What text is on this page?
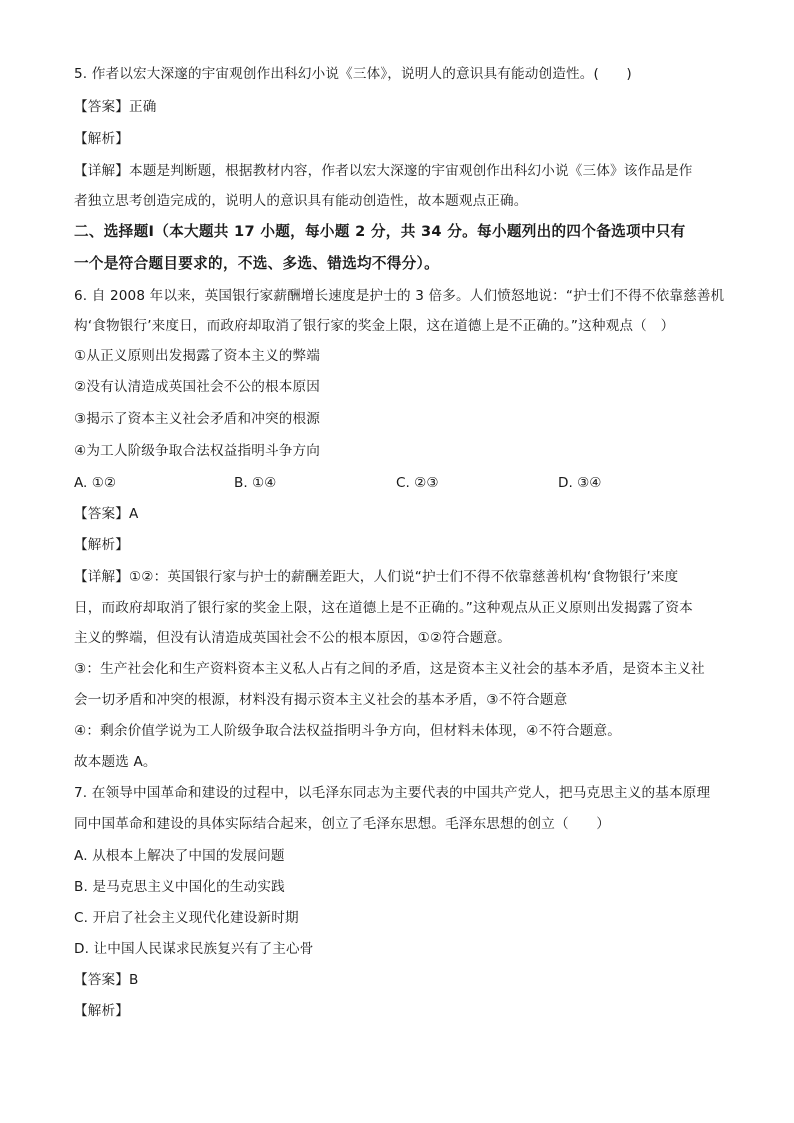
5. 作者以宏大深邃的宇宙观创作出科幻小说《三体》，说明人的意识具有能动创造性。(　　)
【答案】正确
【解析】
【详解】本题是判断题，根据教材内容，作者以宏大深邃的宇宙观创作出科幻小说《三体》该作品是作
者独立思考创造完成的，说明人的意识具有能动创造性，故本题观点正确。
二、选择题Ⅰ（本大题共 17 小题，每小题 2 分，共 34 分。每小题列出的四个备选项中只有
一个是符合题目要求的，不选、多选、错选均不得分）。
6. 自 2008 年以来，英国银行家薪酬增长速度是护士的 3 倍多。人们愤怒地说：“护士们不得不依靠慈善机
构‘食物银行’来度日，而政府却取消了银行家的奖金上限，这在道德上是不正确的。”这种观点（　）
①从正义原则出发揭露了资本主义的弊端
②没有认清造成英国社会不公的根本原因
③揭示了资本主义社会矛盾和冲突的根源
④为工人阶级争取合法权益指明斗争方向
A. ①②	B. ①④	C. ②③	D. ③④
【答案】A
【解析】
【详解】①②：英国银行家与护士的薪酬差距大，人们说“护士们不得不依靠慈善机构‘食物银行’来度
日，而政府却取消了银行家的奖金上限，这在道德上是不正确的。”这种观点从正义原则出发揭露了资本
主义的弊端，但没有认清造成英国社会不公的根本原因，①②符合题意。
③：生产社会化和生产资料资本主义私人占有之间的矛盾，这是资本主义社会的基本矛盾，是资本主义社
会一切矛盾和冲突的根源，材料没有揭示资本主义社会的基本矛盾，③不符合题意
④：剩余价值学说为工人阶级争取合法权益指明斗争方向，但材料未体现，④不符合题意。
故本题选 A。
7. 在领导中国革命和建设的过程中，以毛泽东同志为主要代表的中国共产党人，把马克思主义的基本原理
同中国革命和建设的具体实际结合起来，创立了毛泽东思想。毛泽东思想的创立（　　）
A. 从根本上解决了中国的发展问题
B. 是马克思主义中国化的生动实践
C. 开启了社会主义现代化建设新时期
D. 让中国人民谋求民族复兴有了主心骨
【答案】B
【解析】
